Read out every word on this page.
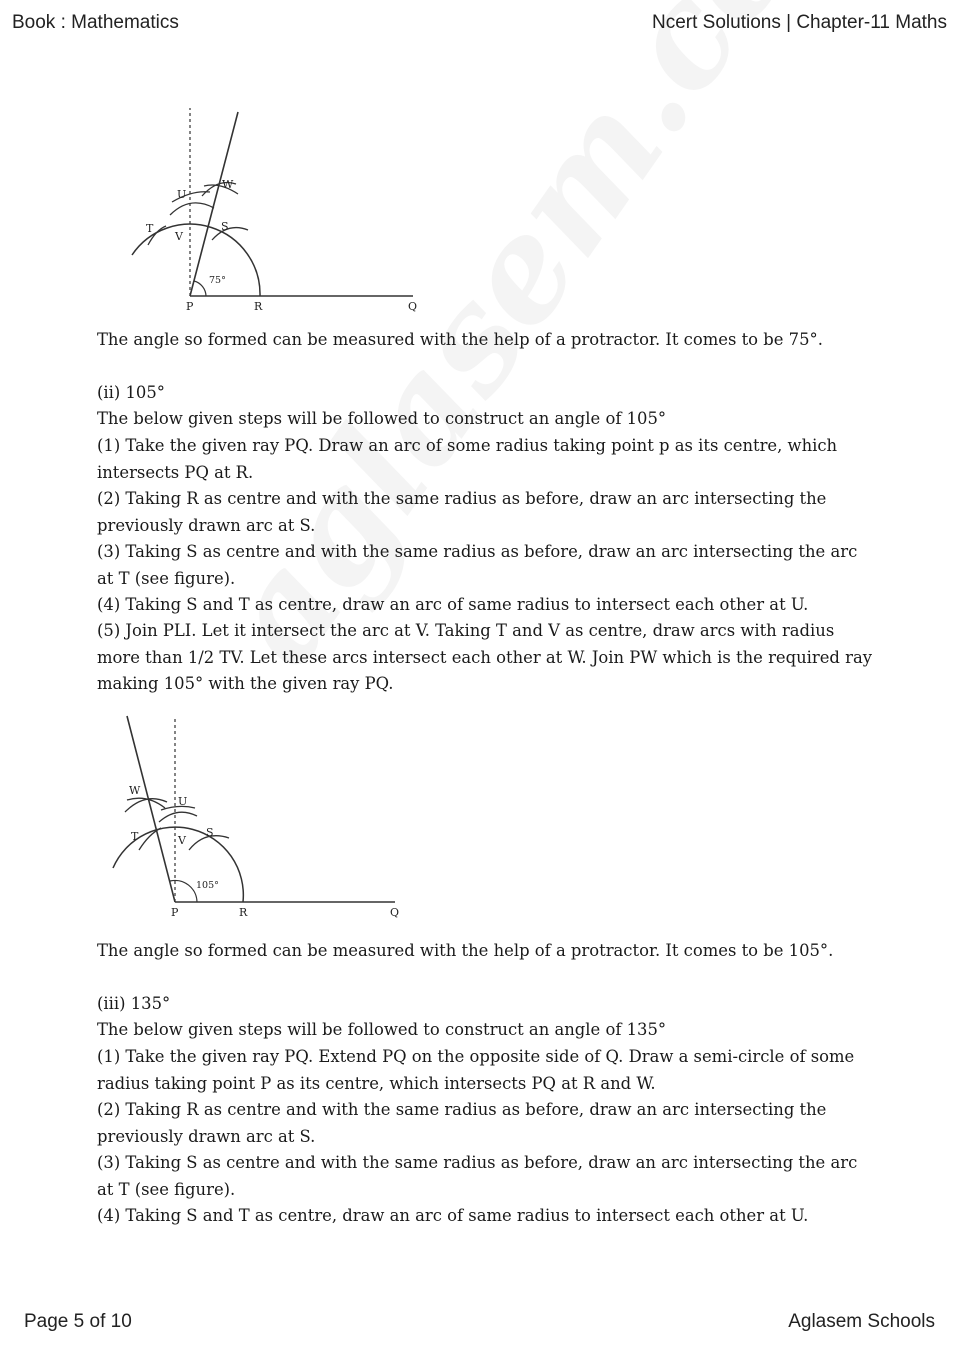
Book : Mathematics	Ncert Solutions | Chapter-11 Maths
U
W
T
V
S
75°
P	R	Q

The angle so formed can be measured with the help of a protractor. It comes to be 75°.

(ii) 105°

The below given steps will be followed to construct an angle of 105°

(1) Take the given ray PQ. Draw an arc of some radius taking point p as its centre, which intersects PQ at R.

(2) Taking R as centre and with the same radius as before, draw an arc intersecting the previously drawn arc at S.

(3) Taking S as centre and with the same radius as before, draw an arc intersecting the arc at T (see figure).

(4) Taking S and T as centre, draw an arc of same radius to intersect each other at U.

(5) Join PLI. Let it intersect the arc at V. Taking T and V as centre, draw arcs with radius more than 1/2 TV. Let these arcs intersect each other at W. Join PW which is the required ray making 105° with the given ray PQ.

W
U
T	V
S
105°
P	R	Q

The angle so formed can be measured with the help of a protractor. It comes to be 105°.

(iii) 135°

The below given steps will be followed to construct an angle of 135°

(1) Take the given ray PQ. Extend PQ on the opposite side of Q. Draw a semi-circle of some radius taking point P as its centre, which intersects PQ at R and W.

(2) Taking R as centre and with the same radius as before, draw an arc intersecting the previously drawn arc at S.

(3) Taking S as centre and with the same radius as before, draw an arc intersecting the arc at T (see figure).

(4) Taking S and T as centre, draw an arc of same radius to intersect each other at U.

Page 5 of 10	Aglasem Schools
